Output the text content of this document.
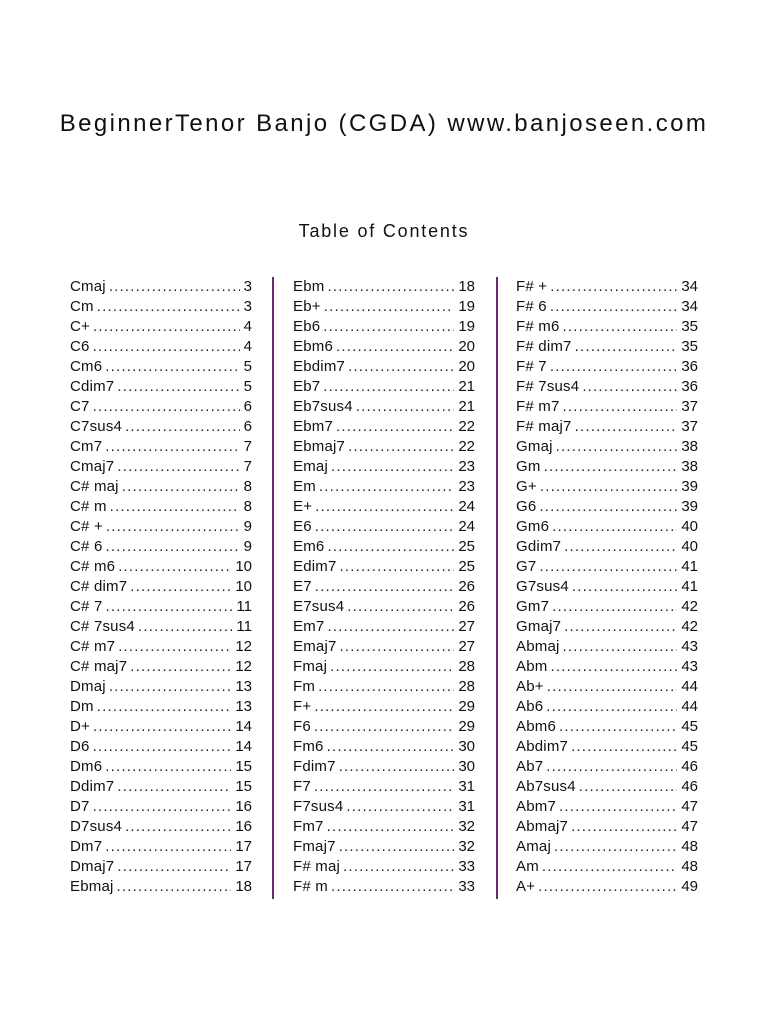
BeginnerTenor Banjo (CGDA) www.banjoseen.com
Table of Contents
Cmaj .....	3
Cm .....	3
C+ .....	4
C6 .....	4
Cm6 .....	5
Cdim7 .....	5
C7 .....	6
C7sus4 .....	6
Cm7 .....	7
Cmaj7 .....	7
C# maj .....	8
C# m .....	8
C# + .....	9
C# 6 .....	9
C# m6 .....	10
C# dim7 .....	10
C# 7 .....	11
C# 7sus4 .....	11
C# m7 .....	12
C# maj7 .....	12
Dmaj .....	13
Dm .....	13
D+ .....	14
D6 .....	14
Dm6 .....	15
Ddim7 .....	15
D7 .....	16
D7sus4 .....	16
Dm7 .....	17
Dmaj7 .....	17
Ebmaj .....	18
Ebm .....	18
Eb+ .....	19
Eb6 .....	19
Ebm6 .....	20
Ebdim7 .....	20
Eb7 .....	21
Eb7sus4 .....	21
Ebm7 .....	22
Ebmaj7 .....	22
Emaj .....	23
Em .....	23
E+ .....	24
E6 .....	24
Em6 .....	25
Edim7 .....	25
E7 .....	26
E7sus4 .....	26
Em7 .....	27
Emaj7 .....	27
Fmaj .....	28
Fm .....	28
F+ .....	29
F6 .....	29
Fm6 .....	30
Fdim7 .....	30
F7 .....	31
F7sus4 .....	31
Fm7 .....	32
Fmaj7 .....	32
F# maj .....	33
F# m .....	33
F# + .....	34
F# 6 .....	34
F# m6 .....	35
F# dim7 .....	35
F# 7 .....	36
F# 7sus4 .....	36
F# m7 .....	37
F# maj7 .....	37
Gmaj .....	38
Gm .....	38
G+ .....	39
G6 .....	39
Gm6 .....	40
Gdim7 .....	40
G7 .....	41
G7sus4 .....	41
Gm7 .....	42
Gmaj7 .....	42
Abmaj .....	43
Abm .....	43
Ab+ .....	44
Ab6 .....	44
Abm6 .....	45
Abdim7 .....	45
Ab7 .....	46
Ab7sus4 .....	46
Abm7 .....	47
Abmaj7 .....	47
Amaj .....	48
Am .....	48
A+ .....	49
